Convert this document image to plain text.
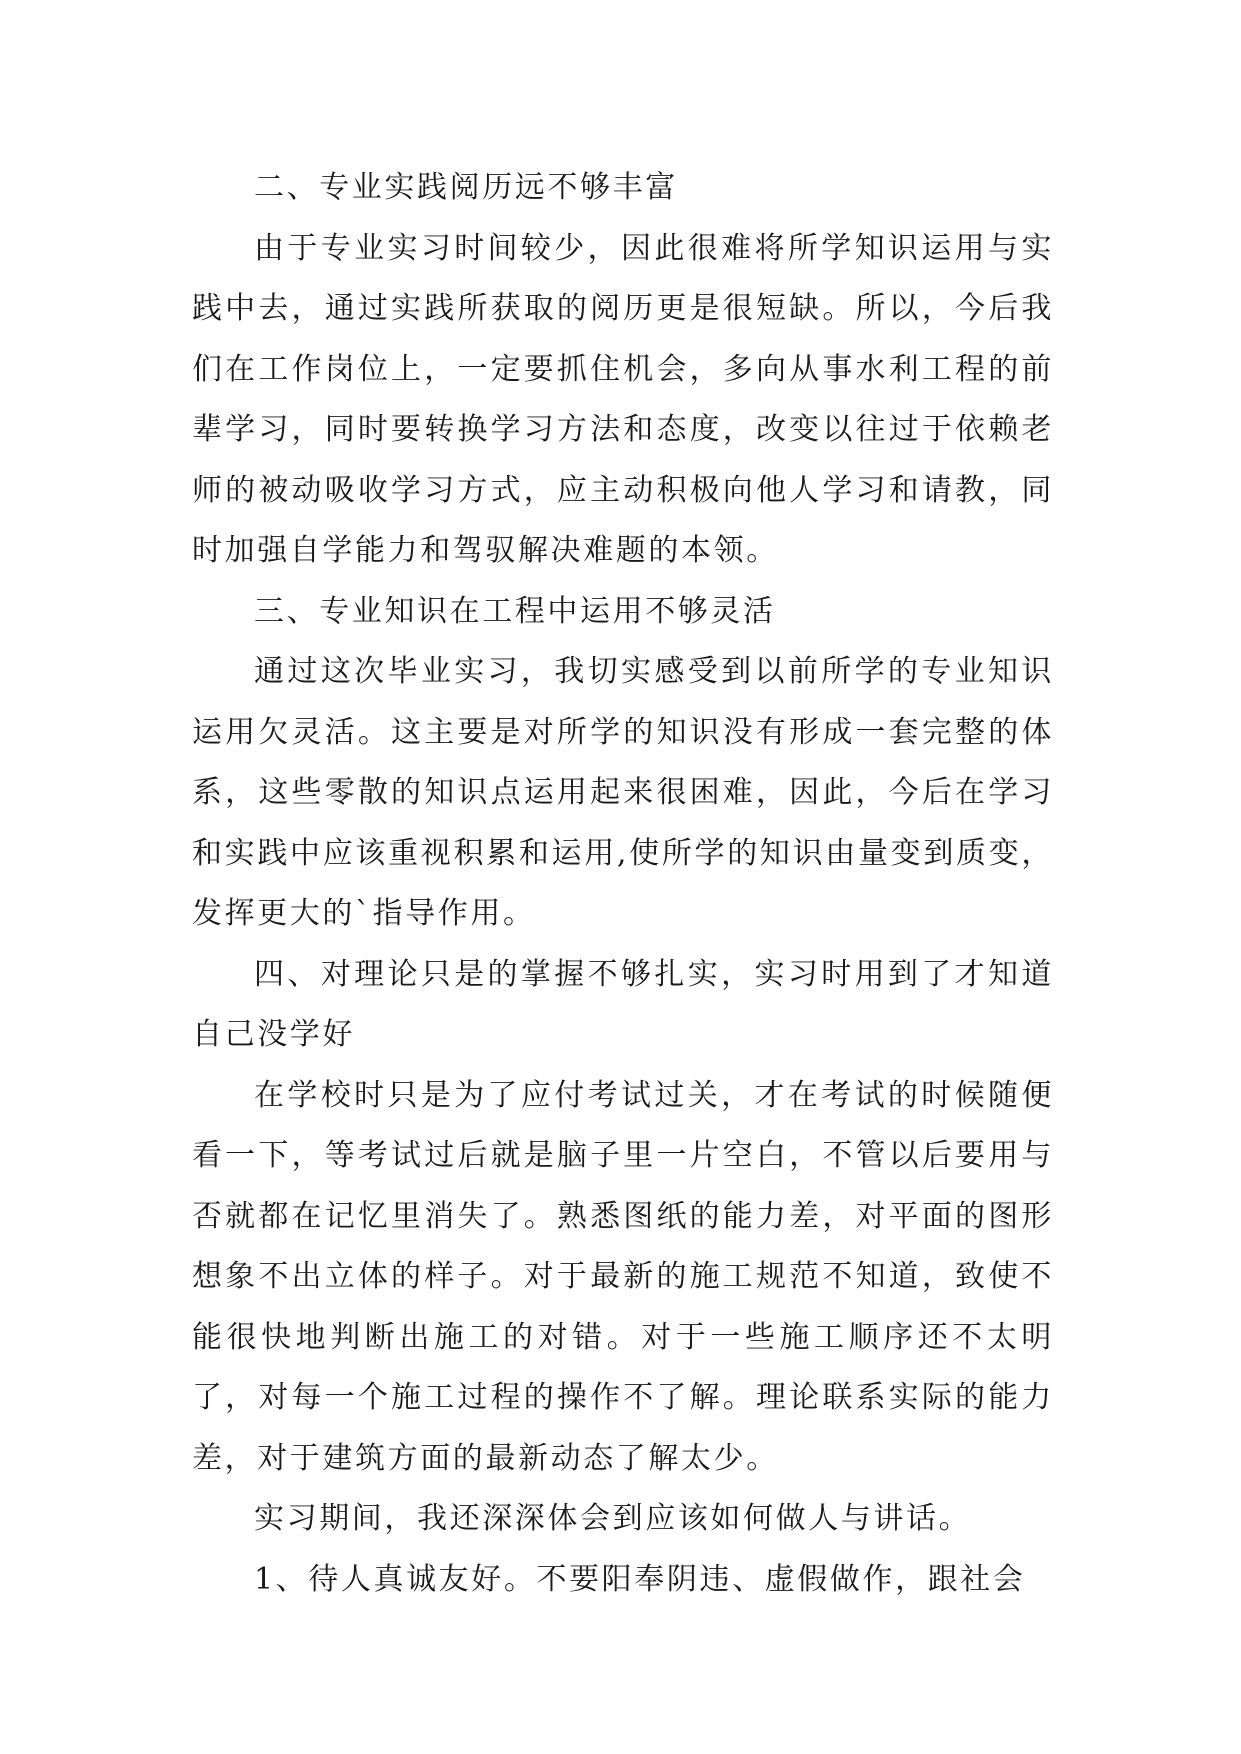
二、专业实践阅历远不够丰富

由于专业实习时间较少，因此很难将所学知识运用与实践中去，通过实践所获取的阅历更是很短缺。所以，今后我们在工作岗位上，一定要抓住机会，多向从事水利工程的前辈学习，同时要转换学习方法和态度，改变以往过于依赖老师的被动吸收学习方式，应主动积极向他人学习和请教，同时加强自学能力和驾驭解决难题的本领。

三、专业知识在工程中运用不够灵活

通过这次毕业实习，我切实感受到以前所学的专业知识运用欠灵活。这主要是对所学的知识没有形成一套完整的体系，这些零散的知识点运用起来很困难，因此，今后在学习和实践中应该重视积累和运用,使所学的知识由量变到质变，发挥更大的`指导作用。

四、对理论只是的掌握不够扎实，实习时用到了才知道自己没学好

在学校时只是为了应付考试过关，才在考试的时候随便看一下，等考试过后就是脑子里一片空白，不管以后要用与否就都在记忆里消失了。熟悉图纸的能力差，对平面的图形想象不出立体的样子。对于最新的施工规范不知道，致使不能很快地判断出施工的对错。对于一些施工顺序还不太明了，对每一个施工过程的操作不了解。理论联系实际的能力差，对于建筑方面的最新动态了解太少。

实习期间，我还深深体会到应该如何做人与讲话。

1、待人真诚友好。不要阳奉阴违、虚假做作，跟社会
